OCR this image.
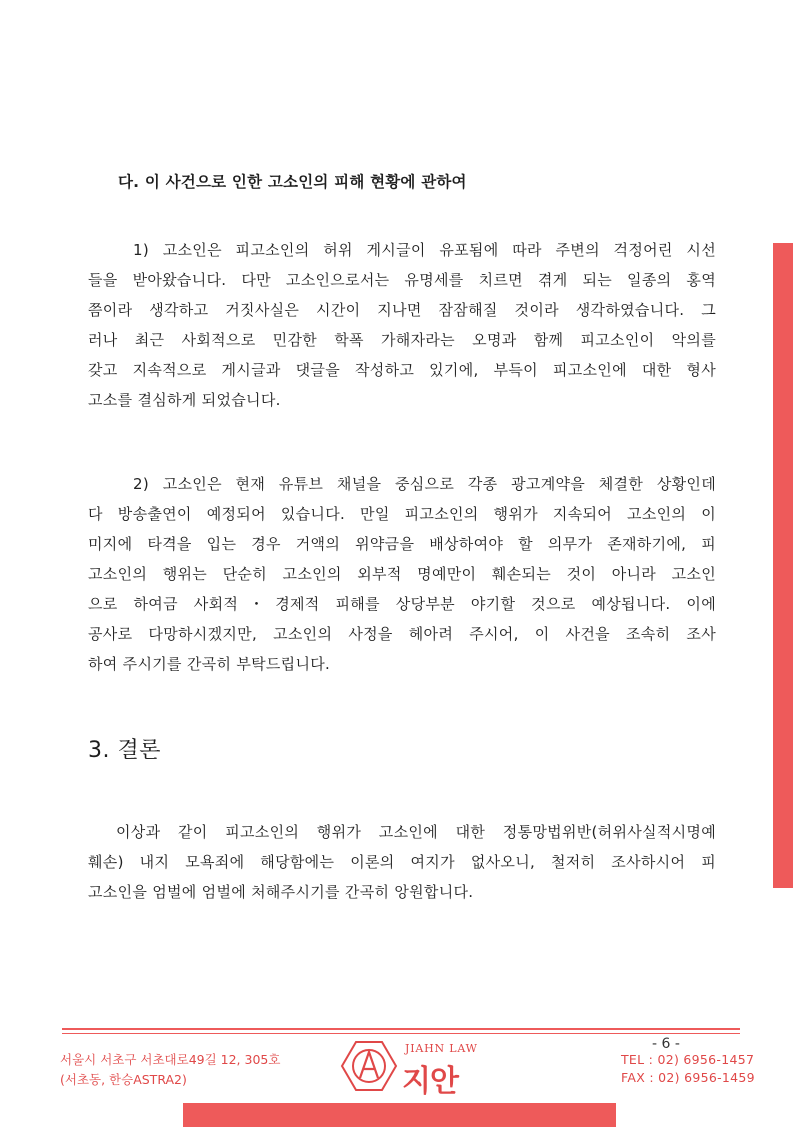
다. 이 사건으로 인한 고소인의 피해 현황에 관하여
1) 고소인은 피고소인의 허위 게시글이 유포됨에 따라 주변의 걱정어린 시선
들을 받아왔습니다. 다만 고소인으로서는 유명세를 치르면 겪게 되는 일종의 홍역
쯤이라 생각하고 거짓사실은 시간이 지나면 잠잠해질 것이라 생각하였습니다. 그
러나 최근 사회적으로 민감한 학폭 가해자라는 오명과 함께 피고소인이 악의를
갖고 지속적으로 게시글과 댓글을 작성하고 있기에, 부득이 피고소인에 대한 형사
고소를 결심하게 되었습니다.
2) 고소인은 현재 유튜브 채널을 중심으로 각종 광고계약을 체결한 상황인데
다 방송출연이 예정되어 있습니다. 만일 피고소인의 행위가 지속되어 고소인의 이
미지에 타격을 입는 경우 거액의 위약금을 배상하여야 할 의무가 존재하기에, 피
고소인의 행위는 단순히 고소인의 외부적 명예만이 훼손되는 것이 아니라 고소인
으로 하여금 사회적・경제적 피해를 상당부분 야기할 것으로 예상됩니다. 이에
공사로 다망하시겠지만, 고소인의 사정을 헤아려 주시어, 이 사건을 조속히 조사
하여 주시기를 간곡히 부탁드립니다.
3. 결론
이상과 같이 피고소인의 행위가 고소인에 대한 정통망법위반(허위사실적시명예
훼손) 내지 모욕죄에 해당함에는 이론의 여지가 없사오니, 철저히 조사하시어 피
고소인을 엄벌에 엄벌에 처해주시기를 간곡히 앙원합니다.
- 6 -
서울시 서초구 서초대로49길 12, 305호
(서초동, 한승ASTRA2)
JIAHN LAW
지안
TEL : 02) 6956-1457
FAX : 02) 6956-1459
